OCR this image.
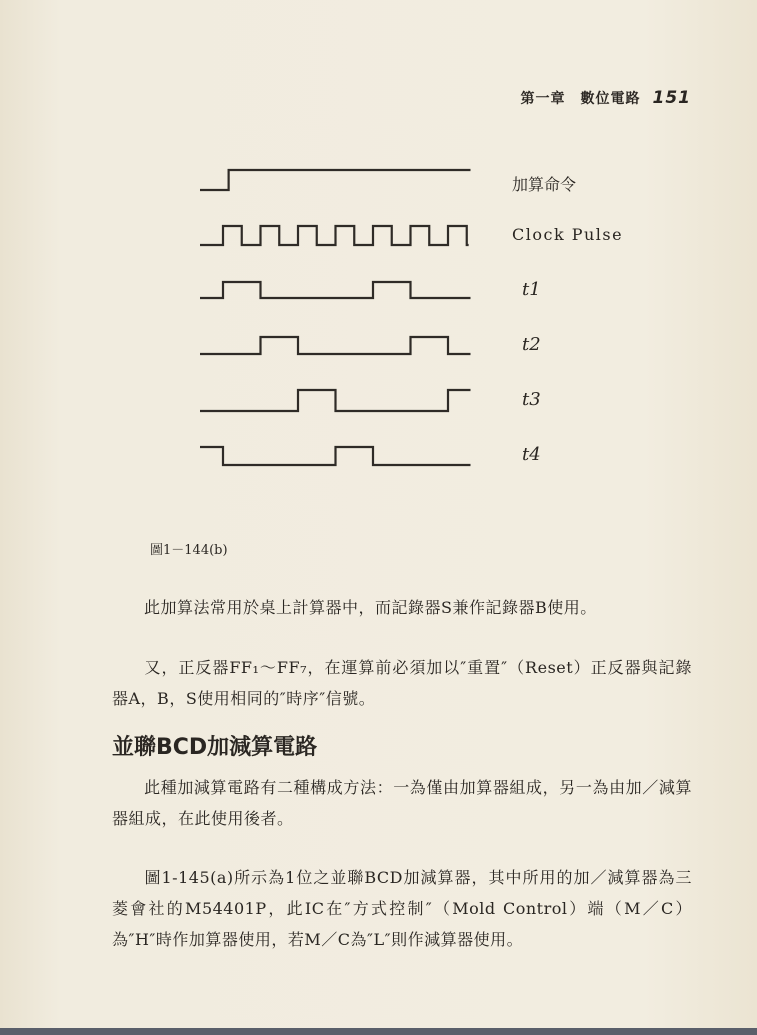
第一章　數位電路 151
加算命令
Clock Pulse
t1
t2
t3
t4
圖1－144(b)
此加算法常用於桌上計算器中，而記錄器S兼作記錄器B使用。
又，正反器FF₁～FF₇，在運算前必須加以″重置″（Reset）正反器與記錄器A，B，S使用相同的″時序″信號。
並聯BCD加減算電路
此種加減算電路有二種構成方法：一為僅由加算器組成，另一為由加／減算器組成，在此使用後者。
圖1-145(a)所示為1位之並聯BCD加減算器，其中所用的加／減算器為三菱會社的M54401P，此IC在″方式控制″（Mold Control）端（M／C）為″H″時作加算器使用，若M／C為″L″則作減算器使用。
